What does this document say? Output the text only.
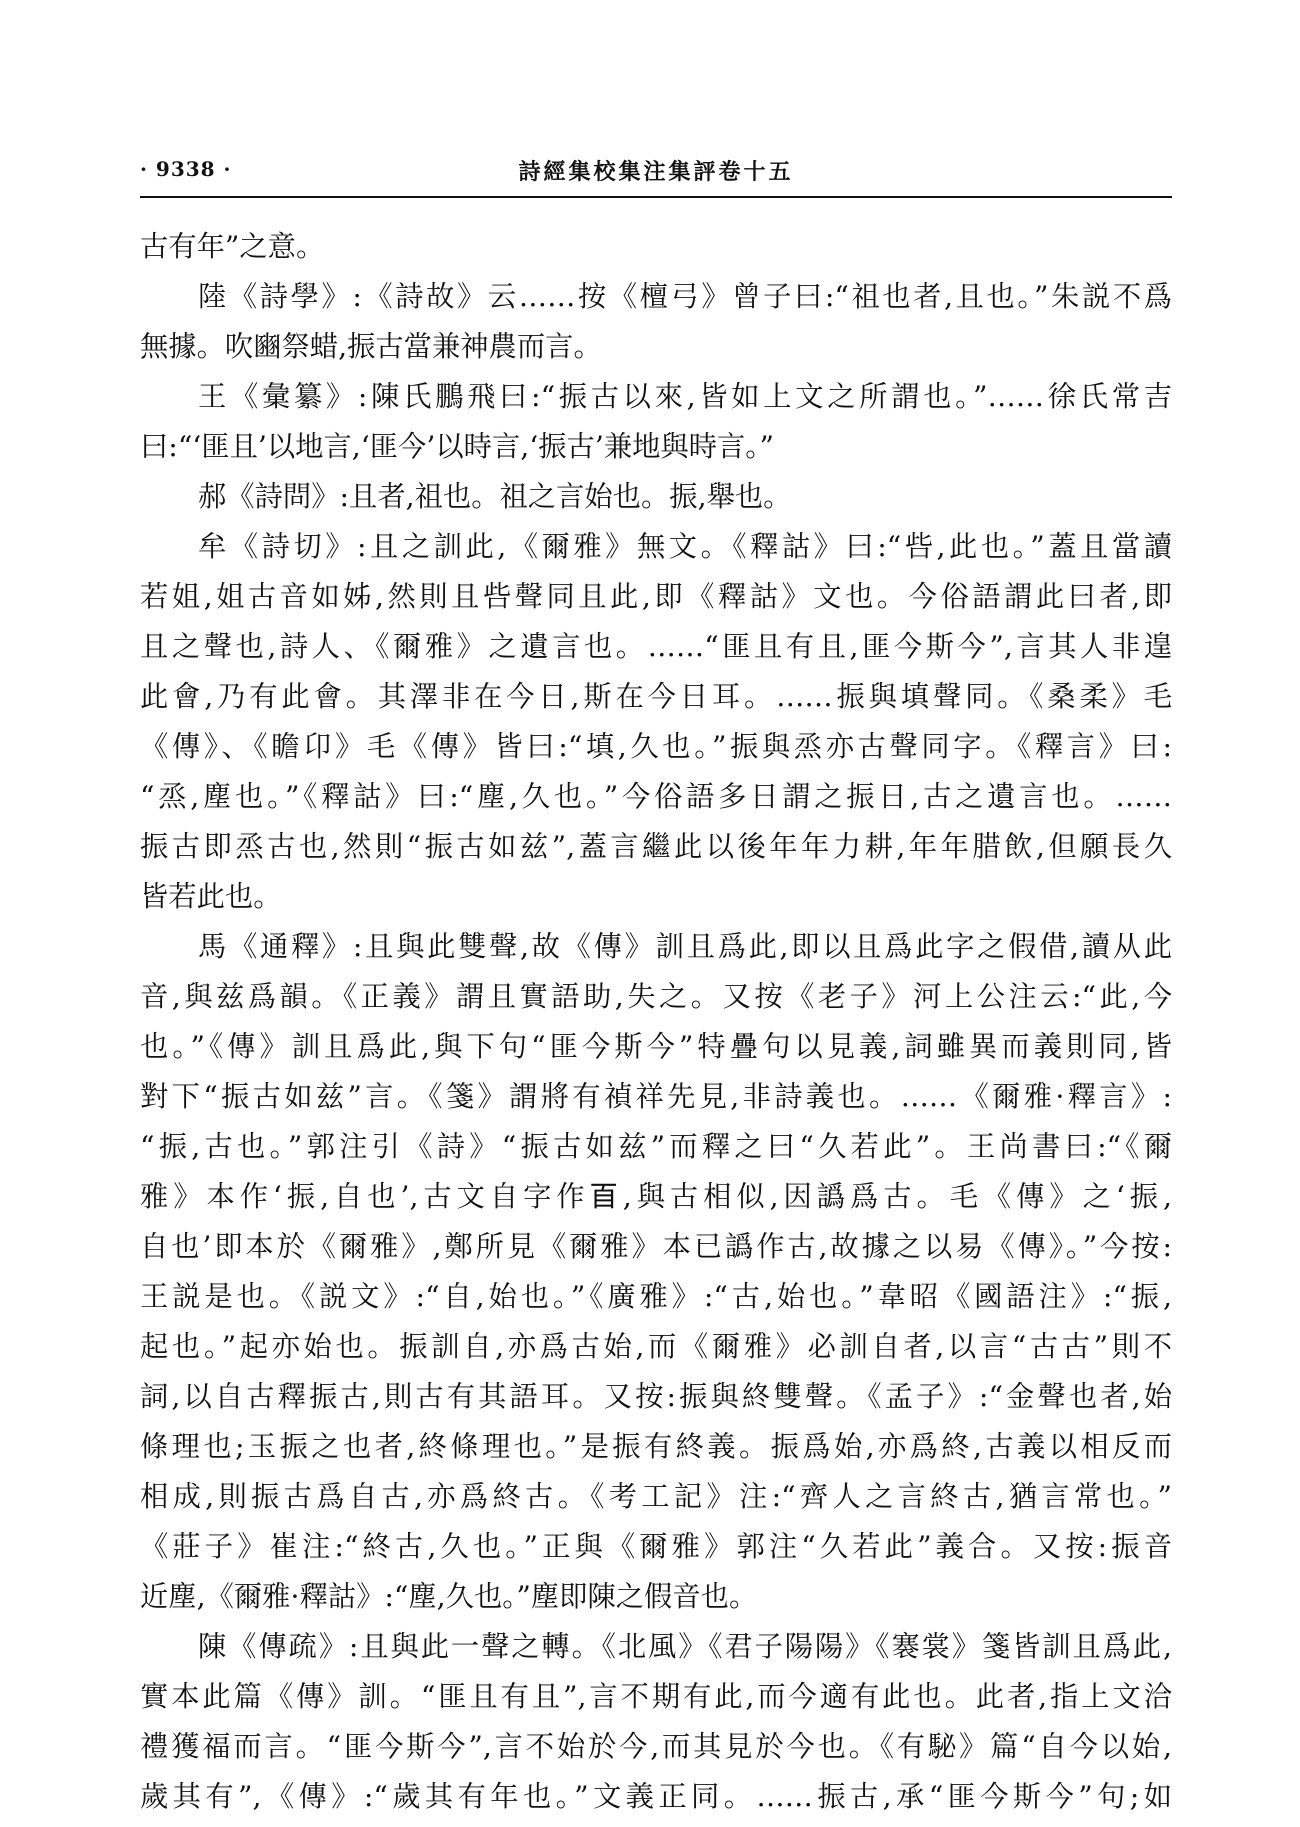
· 9338 ·	詩經集校集注集評卷十五
古有年”之意。
陸《詩學》:《詩故》云……按《檀弓》曾子曰:“祖也者,且也。”朱説不爲
無據。吹豳祭蜡,振古當兼神農而言。
王《彙纂》:陳氏鵬飛曰:“振古以來,皆如上文之所謂也。”……徐氏常吉
曰:“‘匪且’以地言,‘匪今’以時言,‘振古’兼地與時言。”
郝《詩問》:且者,祖也。祖之言始也。振,舉也。
牟《詩切》:且之訓此,《爾雅》無文。《釋詁》曰:“呰,此也。”蓋且當讀
若姐,姐古音如姊,然則且呰聲同且此,即《釋詁》文也。今俗語謂此曰者,即
且之聲也,詩人、《爾雅》之遺言也。……“匪且有且,匪今斯今”,言其人非遑
此會,乃有此會。其澤非在今日,斯在今日耳。……振與填聲同。《桑柔》毛
《傳》、《瞻卬》毛《傳》皆曰:“填,久也。”振與烝亦古聲同字。《釋言》曰:
“烝,塵也。”《釋詁》曰:“塵,久也。”今俗語多日謂之振日,古之遺言也。……
振古即烝古也,然則“振古如兹”,蓋言繼此以後年年力耕,年年腊飲,但願長久
皆若此也。
馬《通釋》:且與此雙聲,故《傳》訓且爲此,即以且爲此字之假借,讀从此
音,與兹爲韻。《正義》謂且實語助,失之。又按《老子》河上公注云:“此,今
也。”《傳》訓且爲此,與下句“匪今斯今”特疊句以見義,詞雖異而義則同,皆
對下“振古如兹”言。《箋》謂將有禎祥先見,非詩義也。……《爾雅·釋言》:
“振,古也。”郭注引《詩》“振古如兹”而釋之曰“久若此”。王尚書曰:“《爾
雅》本作‘振,自也’,古文自字作𦣻,與古相似,因譌爲古。毛《傳》之‘振,
自也’即本於《爾雅》,鄭所見《爾雅》本已譌作古,故據之以易《傳》。”今按:
王説是也。《説文》:“自,始也。”《廣雅》:“古,始也。”韋昭《國語注》:“振,
起也。”起亦始也。振訓自,亦爲古始,而《爾雅》必訓自者,以言“古古”則不
詞,以自古釋振古,則古有其語耳。又按:振與終雙聲。《孟子》:“金聲也者,始
條理也;玉振之也者,終條理也。”是振有終義。振爲始,亦爲終,古義以相反而
相成,則振古爲自古,亦爲終古。《考工記》注:“齊人之言終古,猶言常也。”
《莊子》崔注:“終古,久也。”正與《爾雅》郭注“久若此”義合。又按:振音
近塵,《爾雅·釋詁》:“塵,久也。”塵即陳之假音也。
陳《傳疏》:且與此一聲之轉。《北風》《君子陽陽》《褰裳》箋皆訓且爲此,
實本此篇《傳》訓。“匪且有且”,言不期有此,而今適有此也。此者,指上文洽
禮獲福而言。“匪今斯今”,言不始於今,而其見於今也。《有駜》篇“自今以始,
歲其有”,《傳》:“歲其有年也。”文義正同。……振古,承“匪今斯今”句;如
